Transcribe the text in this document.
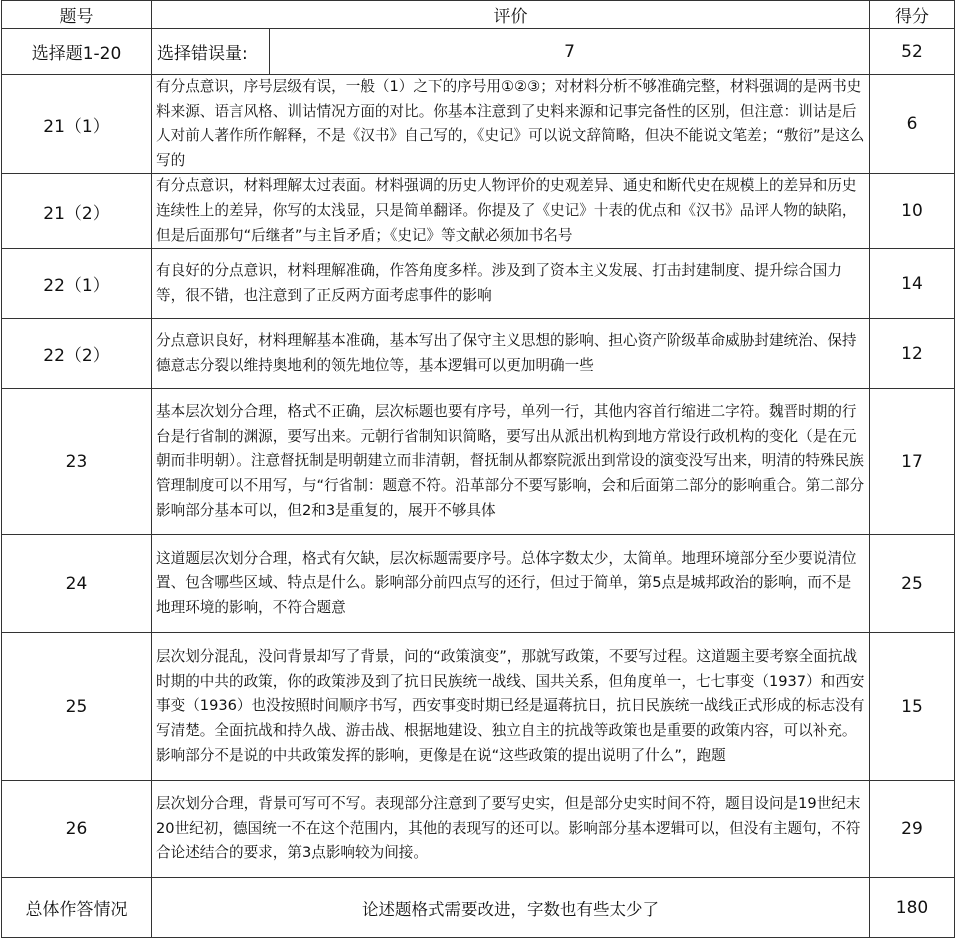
题号	评价		得分
选择题1-20	选择错误量:	7	52
21（1）	有分点意识，序号层级有误，一般（1）之下的序号用①②③；对材料分析不够准确完整，材料强调的是两书史料来源、语言风格、训诂情况方面的对比。你基本注意到了史料来源和记事完备性的区别，但注意：训诂是后人对前人著作所作解释，不是《汉书》自己写的，《史记》可以说文辞简略，但决不能说文笔差；“敷衍”是这么写的		6
21（2）	有分点意识，材料理解太过表面。材料强调的历史人物评价的史观差异、通史和断代史在规模上的差异和历史连续性上的差异，你写的太浅显，只是简单翻译。你提及了《史记》十表的优点和《汉书》品评人物的缺陷，但是后面那句“后继者”与主旨矛盾；《史记》等文献必须加书名号		10
22（1）	有良好的分点意识，材料理解准确，作答角度多样。涉及到了资本主义发展、打击封建制度、提升综合国力等，很不错，也注意到了正反两方面考虑事件的影响		14
22（2）	分点意识良好，材料理解基本准确，基本写出了保守主义思想的影响、担心资产阶级革命威胁封建统治、保持德意志分裂以维持奥地利的领先地位等，基本逻辑可以更加明确一些		12
23	基本层次划分合理，格式不正确，层次标题也要有序号，单列一行，其他内容首行缩进二字符。魏晋时期的行台是行省制的渊源，要写出来。元朝行省制知识简略，要写出从派出机构到地方常设行政机构的变化（是在元朝而非明朝）。注意督抚制是明朝建立而非清朝，督抚制从都察院派出到常设的演变没写出来，明清的特殊民族管理制度可以不用写，与“行省制：题意不符。沿革部分不要写影响，会和后面第二部分的影响重合。第二部分影响部分基本可以，但2和3是重复的，展开不够具体		17
24	这道题层次划分合理，格式有欠缺，层次标题需要序号。总体字数太少，太简单。地理环境部分至少要说清位置、包含哪些区域、特点是什么。影响部分前四点写的还行，但过于简单，第5点是城邦政治的影响，而不是地理环境的影响，不符合题意		25
25	层次划分混乱，没问背景却写了背景，问的“政策演变”，那就写政策，不要写过程。这道题主要考察全面抗战时期的中共的政策，你的政策涉及到了抗日民族统一战线、国共关系，但角度单一，七七事变（1937）和西安事变（1936）也没按照时间顺序书写，西安事变时期已经是逼蒋抗日，抗日民族统一战线正式形成的标志没有写清楚。全面抗战和持久战、游击战、根据地建设、独立自主的抗战等政策也是重要的政策内容，可以补充。影响部分不是说的中共政策发挥的影响，更像是在说“这些政策的提出说明了什么”，跑题		15
26	层次划分合理，背景可写可不写。表现部分注意到了要写史实，但是部分史实时间不符，题目设问是19世纪末20世纪初，德国统一不在这个范围内，其他的表现写的还可以。影响部分基本逻辑可以，但没有主题句，不符合论述结合的要求，第3点影响较为间接。		29
总体作答情况	论述题格式需要改进，字数也有些太少了		180
